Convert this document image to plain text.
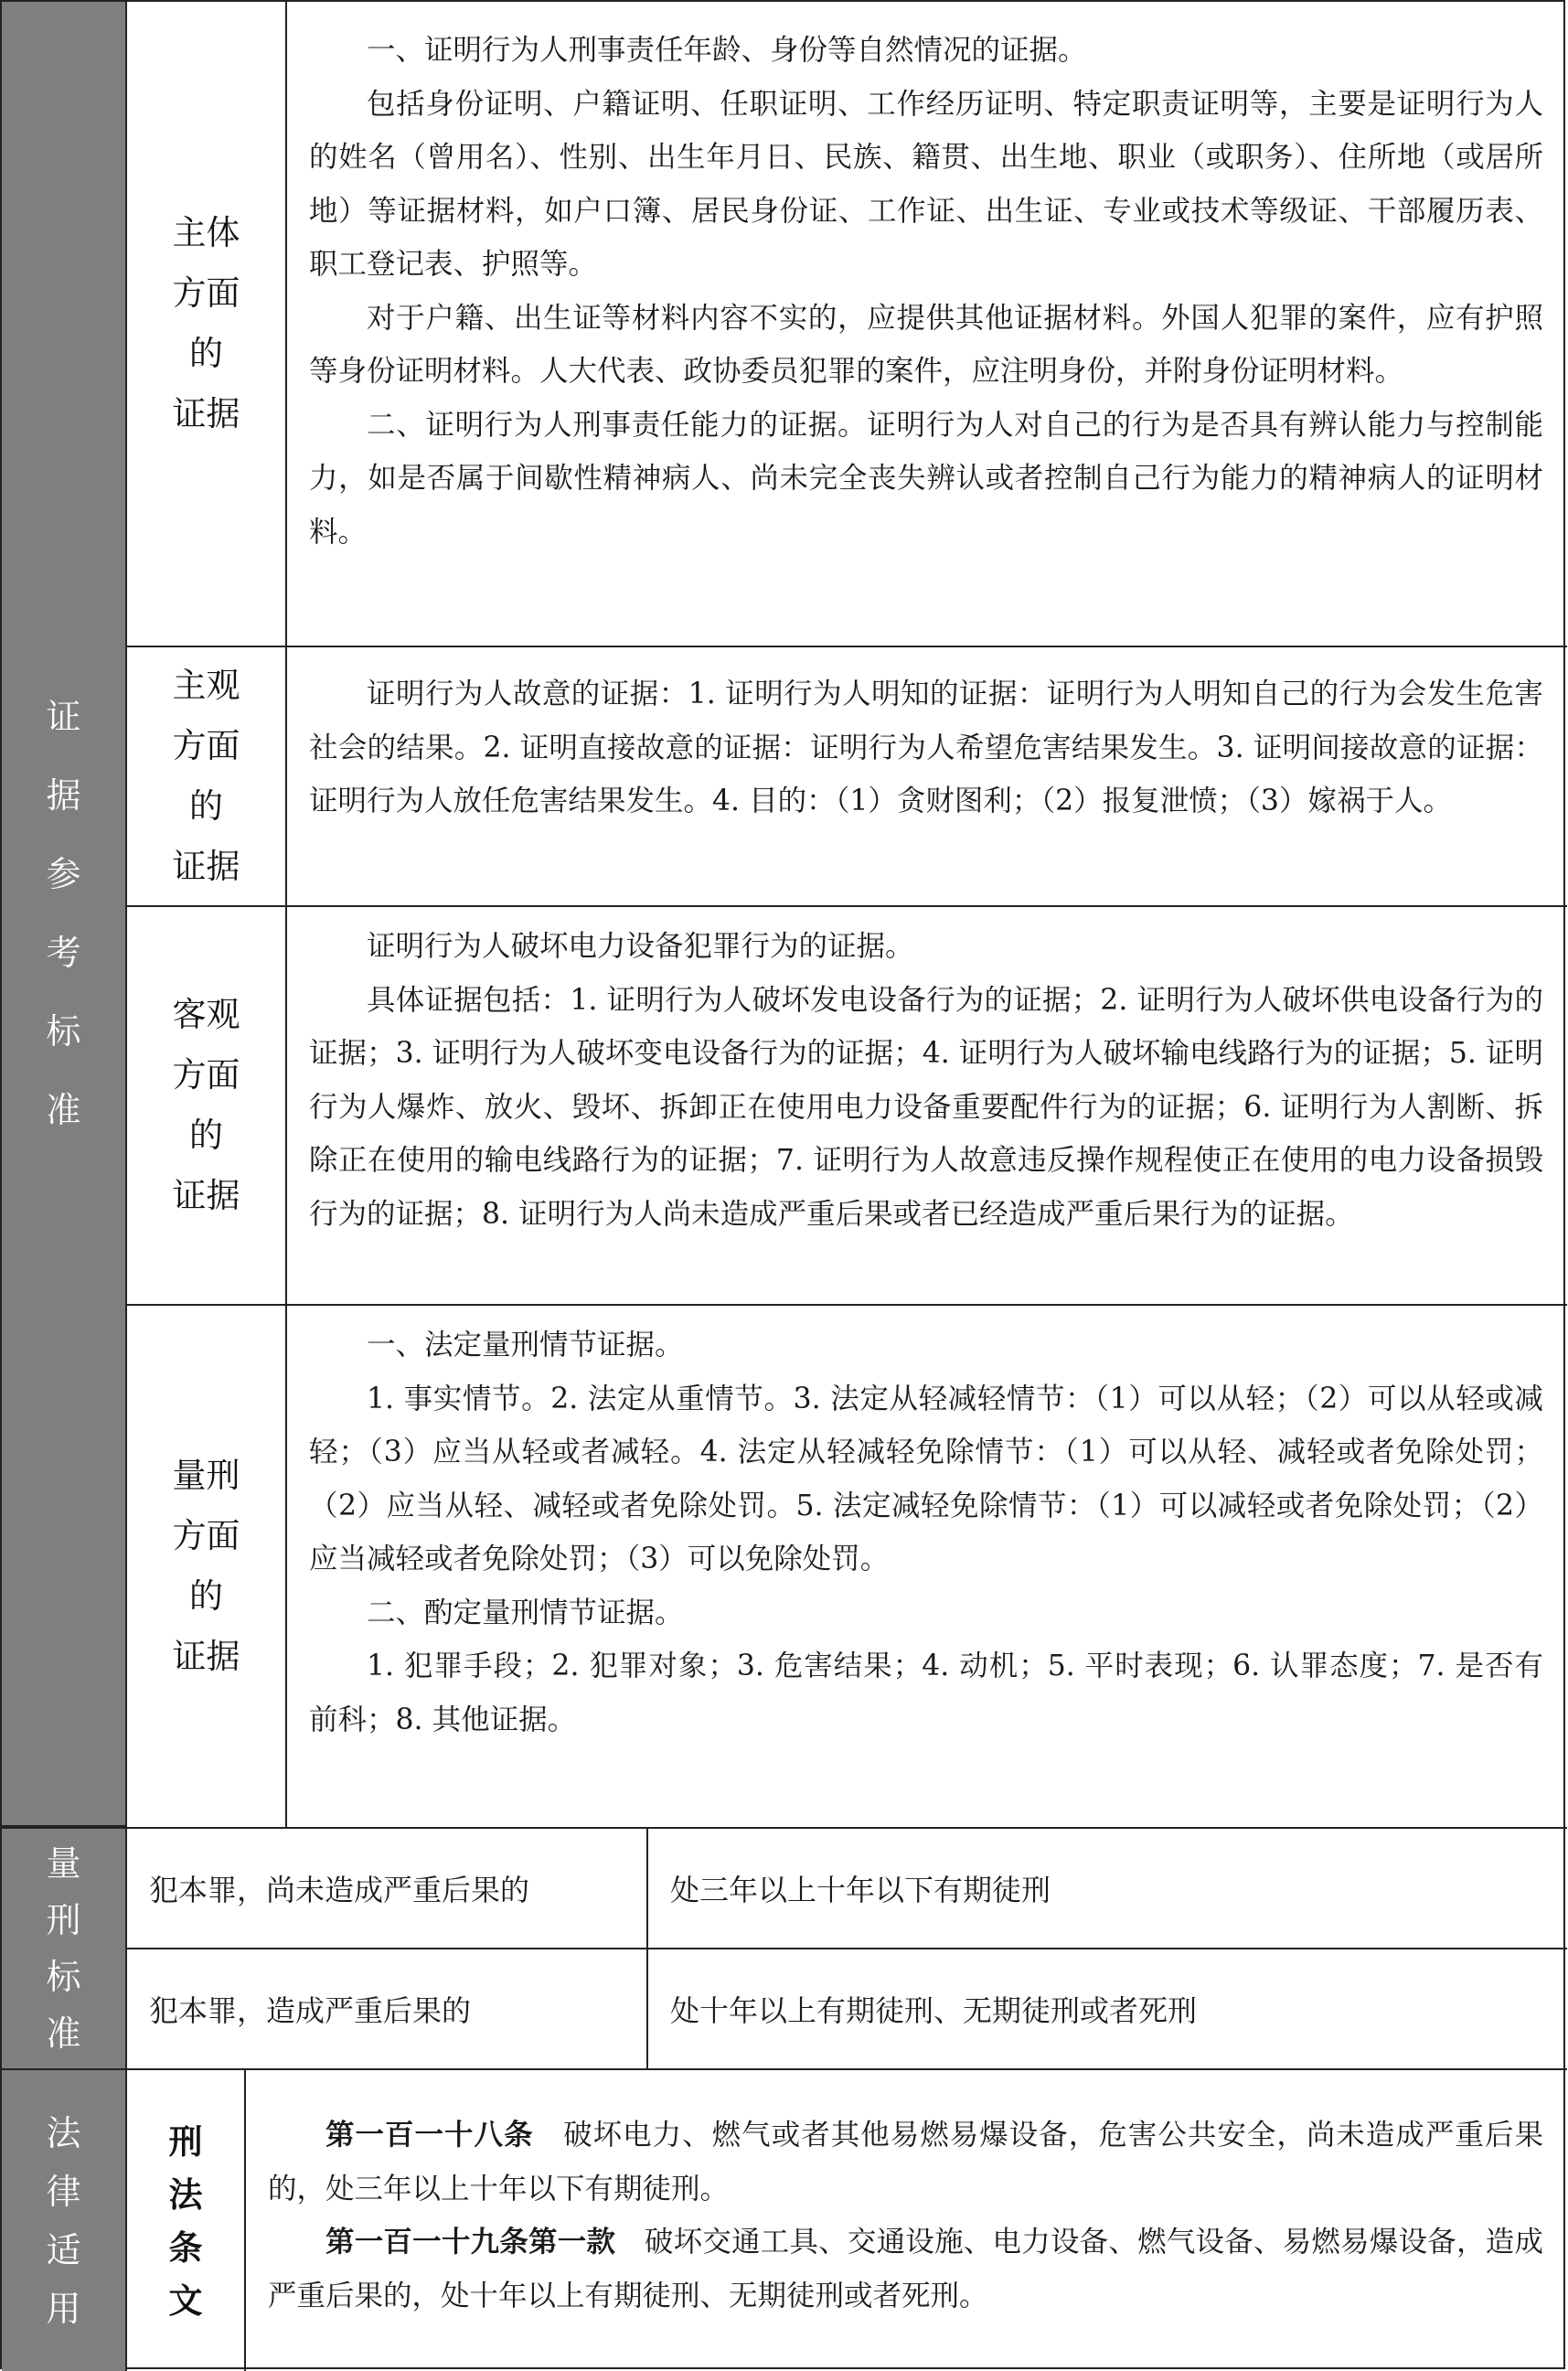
证
据
参
考
标
准
主体
方面
的
证据

一、证明行为人刑事责任年龄、身份等自然情况的证据。

包括身份证明、户籍证明、任职证明、工作经历证明、特定职责证明等，主要是证明行为人的姓名（曾用名）、性别、出生年月日、民族、籍贯、出生地、职业（或职务）、住所地（或居所地）等证据材料，如户口簿、居民身份证、工作证、出生证、专业或技术等级证、干部履历表、职工登记表、护照等。

对于户籍、出生证等材料内容不实的，应提供其他证据材料。外国人犯罪的案件，应有护照等身份证明材料。人大代表、政协委员犯罪的案件，应注明身份，并附身份证明材料。

二、证明行为人刑事责任能力的证据。证明行为人对自己的行为是否具有辨认能力与控制能力，如是否属于间歇性精神病人、尚未完全丧失辨认或者控制自己行为能力的精神病人的证明材料。

主观
方面
的
证据

证明行为人故意的证据：1. 证明行为人明知的证据：证明行为人明知自己的行为会发生危害社会的结果。2. 证明直接故意的证据：证明行为人希望危害结果发生。3. 证明间接故意的证据：证明行为人放任危害结果发生。4. 目的：（1）贪财图利；（2）报复泄愤；（3）嫁祸于人。

客观
方面
的
证据

证明行为人破坏电力设备犯罪行为的证据。

具体证据包括：1. 证明行为人破坏发电设备行为的证据；2. 证明行为人破坏供电设备行为的证据；3. 证明行为人破坏变电设备行为的证据；4. 证明行为人破坏输电线路行为的证据；5. 证明行为人爆炸、放火、毁坏、拆卸正在使用电力设备重要配件行为的证据；6. 证明行为人割断、拆除正在使用的输电线路行为的证据；7. 证明行为人故意违反操作规程使正在使用的电力设备损毁行为的证据；8. 证明行为人尚未造成严重后果或者已经造成严重后果行为的证据。

量刑
方面
的
证据

一、法定量刑情节证据。

1. 事实情节。2. 法定从重情节。3. 法定从轻减轻情节：（1）可以从轻；（2）可以从轻或减轻；（3）应当从轻或者减轻。4. 法定从轻减轻免除情节：（1）可以从轻、减轻或者免除处罚；（2）应当从轻、减轻或者免除处罚。5. 法定减轻免除情节：（1）可以减轻或者免除处罚；（2）应当减轻或者免除处罚；（3）可以免除处罚。

二、酌定量刑情节证据。

1. 犯罪手段；2. 犯罪对象；3. 危害结果；4. 动机；5. 平时表现；6. 认罪态度；7. 是否有前科；8. 其他证据。

量
刑
标
准
犯本罪，尚未造成严重后果的	处三年以上十年以下有期徒刑
犯本罪，造成严重后果的	处十年以上有期徒刑、无期徒刑或者死刑
法
律
适
用
刑
法
条
文

第一百一十八条　 破坏电力、燃气或者其他易燃易爆设备，危害公共安全，尚未造成严重后果的，处三年以上十年以下有期徒刑。

第一百一十九条第一款　 破坏交通工具、交通设施、电力设备、燃气设备、易燃易爆设备，造成严重后果的，处十年以上有期徒刑、无期徒刑或者死刑。
